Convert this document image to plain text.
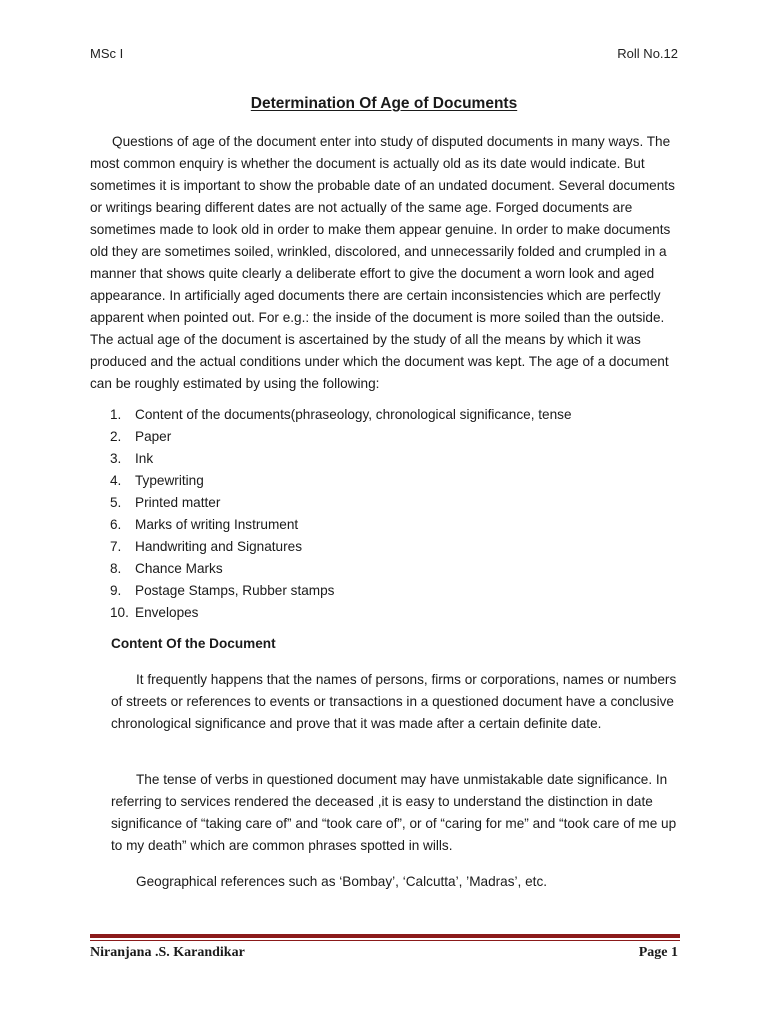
MSc I	Roll No.12
Determination Of Age of Documents

Questions of age of the document enter into study of disputed documents in many ways. The most common enquiry is whether the document is actually old as its date would indicate. But sometimes it is important to show the probable date of an undated document. Several documents or writings bearing different dates are not actually of the same age. Forged documents are sometimes made to look old in order to make them appear genuine. In order to make documents old they are sometimes soiled, wrinkled, discolored, and unnecessarily folded and crumpled in a manner that shows quite clearly a deliberate effort to give the document a worn look and aged appearance. In artificially aged documents there are certain inconsistencies which are perfectly apparent when pointed out. For e.g.: the inside of the document is more soiled than the outside. The actual age of the document is ascertained by the study of all the means by which it was produced and the actual conditions under which the document was kept. The age of a document can be roughly estimated by using the following:

1.	Content of the documents(phraseology, chronological significance, tense
2.	Paper
3.	Ink
4.	Typewriting
5.	Printed matter
6.	Marks of writing Instrument
7.	Handwriting and Signatures
8.	Chance Marks
9.	Postage Stamps, Rubber stamps
10. Envelopes
Content Of the Document

It frequently happens that the names of persons, firms or corporations, names or numbers of streets or references to events or transactions in a questioned document have a conclusive chronological significance and prove that it was made after a certain definite date.

The tense of verbs in questioned document may have unmistakable date significance. In referring to services rendered the deceased ,it is easy to understand the distinction in date significance of “taking care of” and “took care of”, or of “caring for me” and “took care of me up to my death” which are common phrases spotted in wills.

Geographical references such as ‘Bombay’, ‘Calcutta’, ’Madras’, etc.

Niranjana .S. Karandikar	Page 1
